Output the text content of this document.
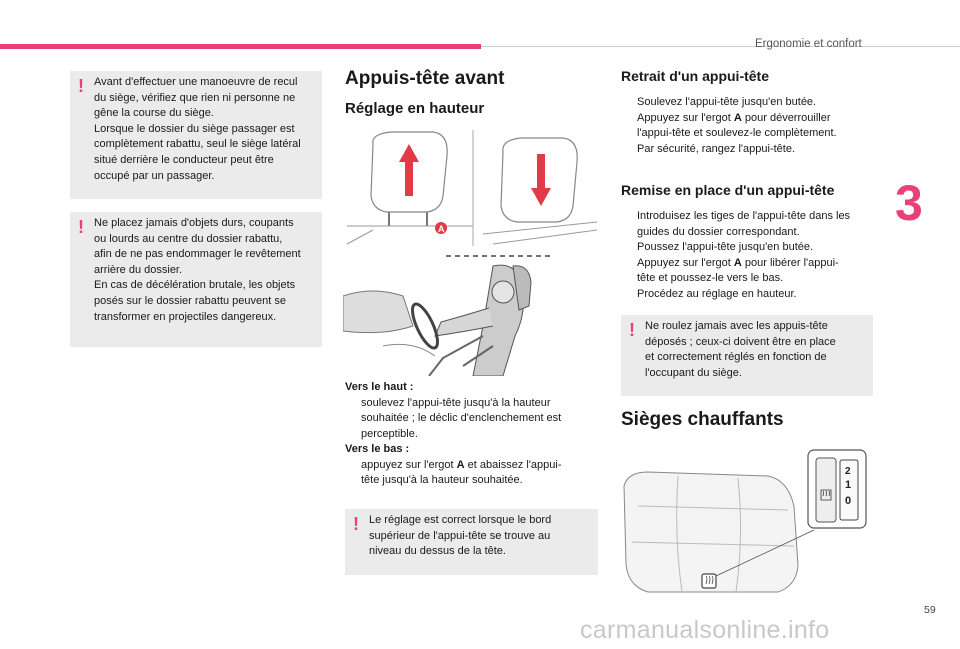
Ergonomie et confort
3
59
! Avant d'effectuer une manoeuvre de recul
du siège, vérifiez que rien ni personne ne
gêne la course du siège.
Lorsque le dossier du siège passager est
complètement rabattu, seul le siège latéral
situé derrière le conducteur peut être
occupé par un passager.
! Ne placez jamais d'objets durs, coupants
ou lourds au centre du dossier rabattu,
afin de ne pas endommager le revêtement
arrière du dossier.
En cas de décélération brutale, les objets
posés sur le dossier rabattu peuvent se
transformer en projectiles dangereux.
Appuis-tête avant
Réglage en hauteur
A
Vers le haut :
soulevez l'appui-tête jusqu'à la hauteur
souhaitée ; le déclic d'enclenchement est
perceptible.
Vers le bas :
appuyez sur l'ergot A et abaissez l'appui-
tête jusqu'à la hauteur souhaitée.
! Le réglage est correct lorsque le bord
supérieur de l'appui-tête se trouve au
niveau du dessus de la tête.
Retrait d'un appui-tête
Soulevez l'appui-tête jusqu'en butée.
Appuyez sur l'ergot A pour déverrouiller
l'appui-tête et soulevez-le complètement.
Par sécurité, rangez l'appui-tête.
Remise en place d'un appui-tête
Introduisez les tiges de l'appui-tête dans les
guides du dossier correspondant.
Poussez l'appui-tête jusqu'en butée.
Appuyez sur l'ergot A pour libérer l'appui-
tête et poussez-le vers le bas.
Procédez au réglage en hauteur.
! Ne roulez jamais avec les appuis-tête
déposés ; ceux-ci doivent être en place
et correctement réglés en fonction de
l'occupant du siège.
Sièges chauffants
2
1
0
carmanualsonline.info
